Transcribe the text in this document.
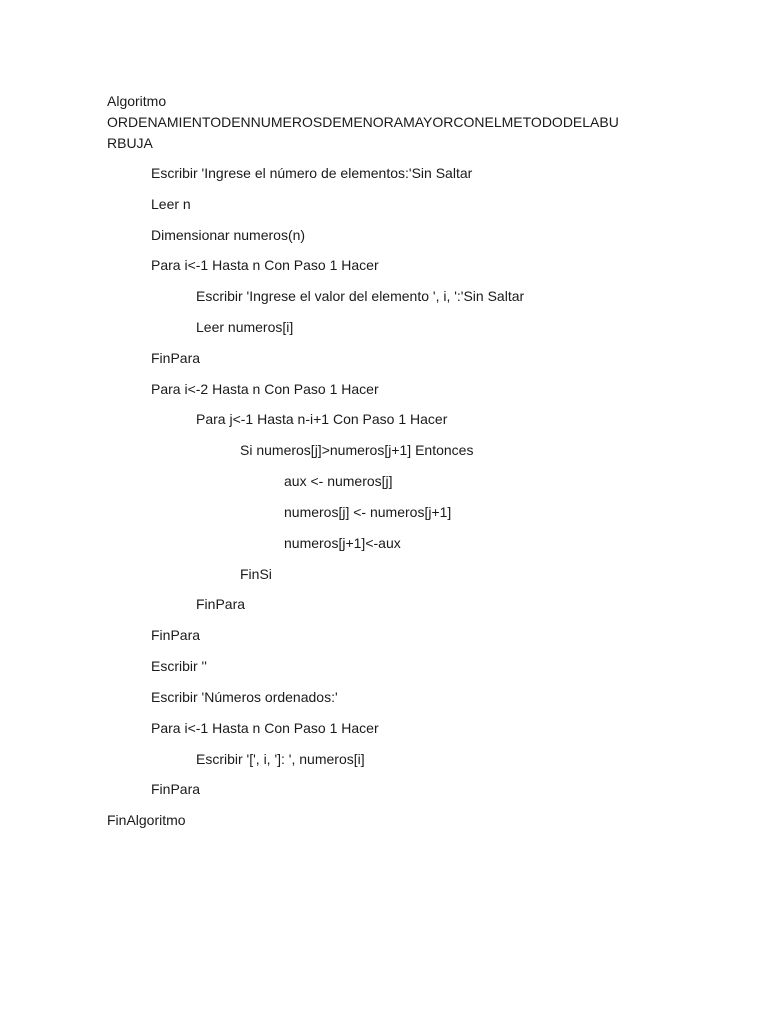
Algoritmo
ORDENAMIENTODENNUMEROSDEMENORAMAYORCONELMETODODELABU
RBUJA

Escribir 'Ingrese el número de elementos:'Sin Saltar

Leer n

Dimensionar numeros(n)

Para i<-1 Hasta n Con Paso 1 Hacer

Escribir 'Ingrese el valor del elemento ', i, ':'Sin Saltar

Leer numeros[i]

FinPara

Para i<-2 Hasta n Con Paso 1 Hacer

Para j<-1 Hasta n-i+1 Con Paso 1 Hacer

Si numeros[j]>numeros[j+1] Entonces

aux <- numeros[j]

numeros[j] <- numeros[j+1]

numeros[j+1]<-aux

FinSi

FinPara

FinPara

Escribir ''

Escribir 'Números ordenados:'

Para i<-1 Hasta n Con Paso 1 Hacer

Escribir '[', i, ']: ', numeros[i]

FinPara

FinAlgoritmo
